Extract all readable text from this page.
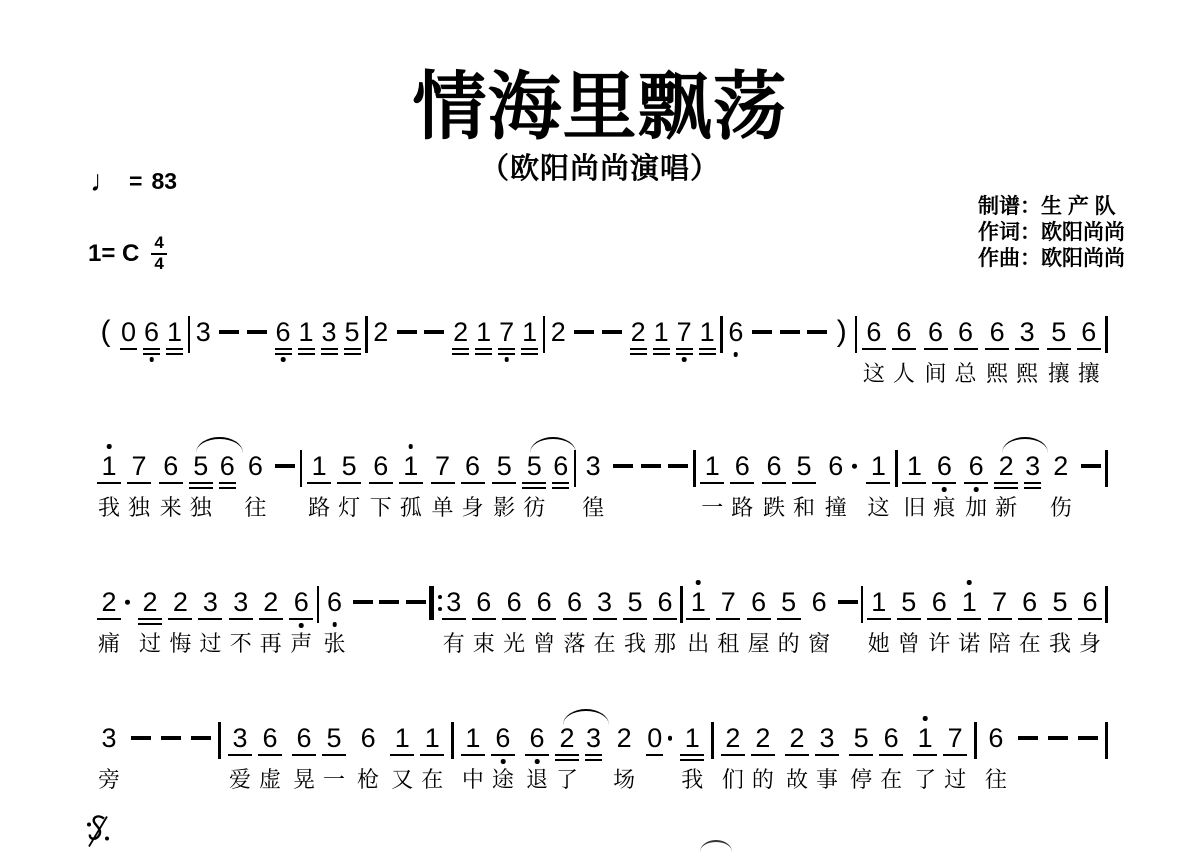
情海里飘荡
（欧阳尚尚演唱）
♩ = 83
1= C $\frac{4}{4}$
制谱：生 产 队
作词：欧阳尚尚
作曲：欧阳尚尚
( 0 6 1 3 6 1 3 5 2 2 1 7 1 2 2 1 7 1 6	) 6
这
6
人
6
间
6
总
6
熙
3
熙
5
攘
6
攘
1
我
7
独
6
来
5
独
6 6
往
1
路
5
灯
6
下
1
孤
7
单
6
身
5
影
5
彷
6 3
徨
1
一
6
路
6
跌
5
和
6
撞
1
这
1
旧
6
痕
6
加
2
新
3 2
伤
2
痛
2
过
2
悔
3
过
3
不
2
再
6
声
6
张
3
有
6
束
6
光
6
曾
6
落
3
在
5
我
6
那
1
出
7
租
6
屋
5
的
6
窗
1
她
5
曾
6
许
1
诺
7
陪
6
在
5
我
6
身
3
旁
3
爱
6
虚
6
晃
5
一
6
枪
1
又
1
在
1
中
6
途
6
退
2
了
3 2
场
0 1
我
2
们
2
的
2
故
3
事
5
停
6
在
1
了
7
过
6
往
